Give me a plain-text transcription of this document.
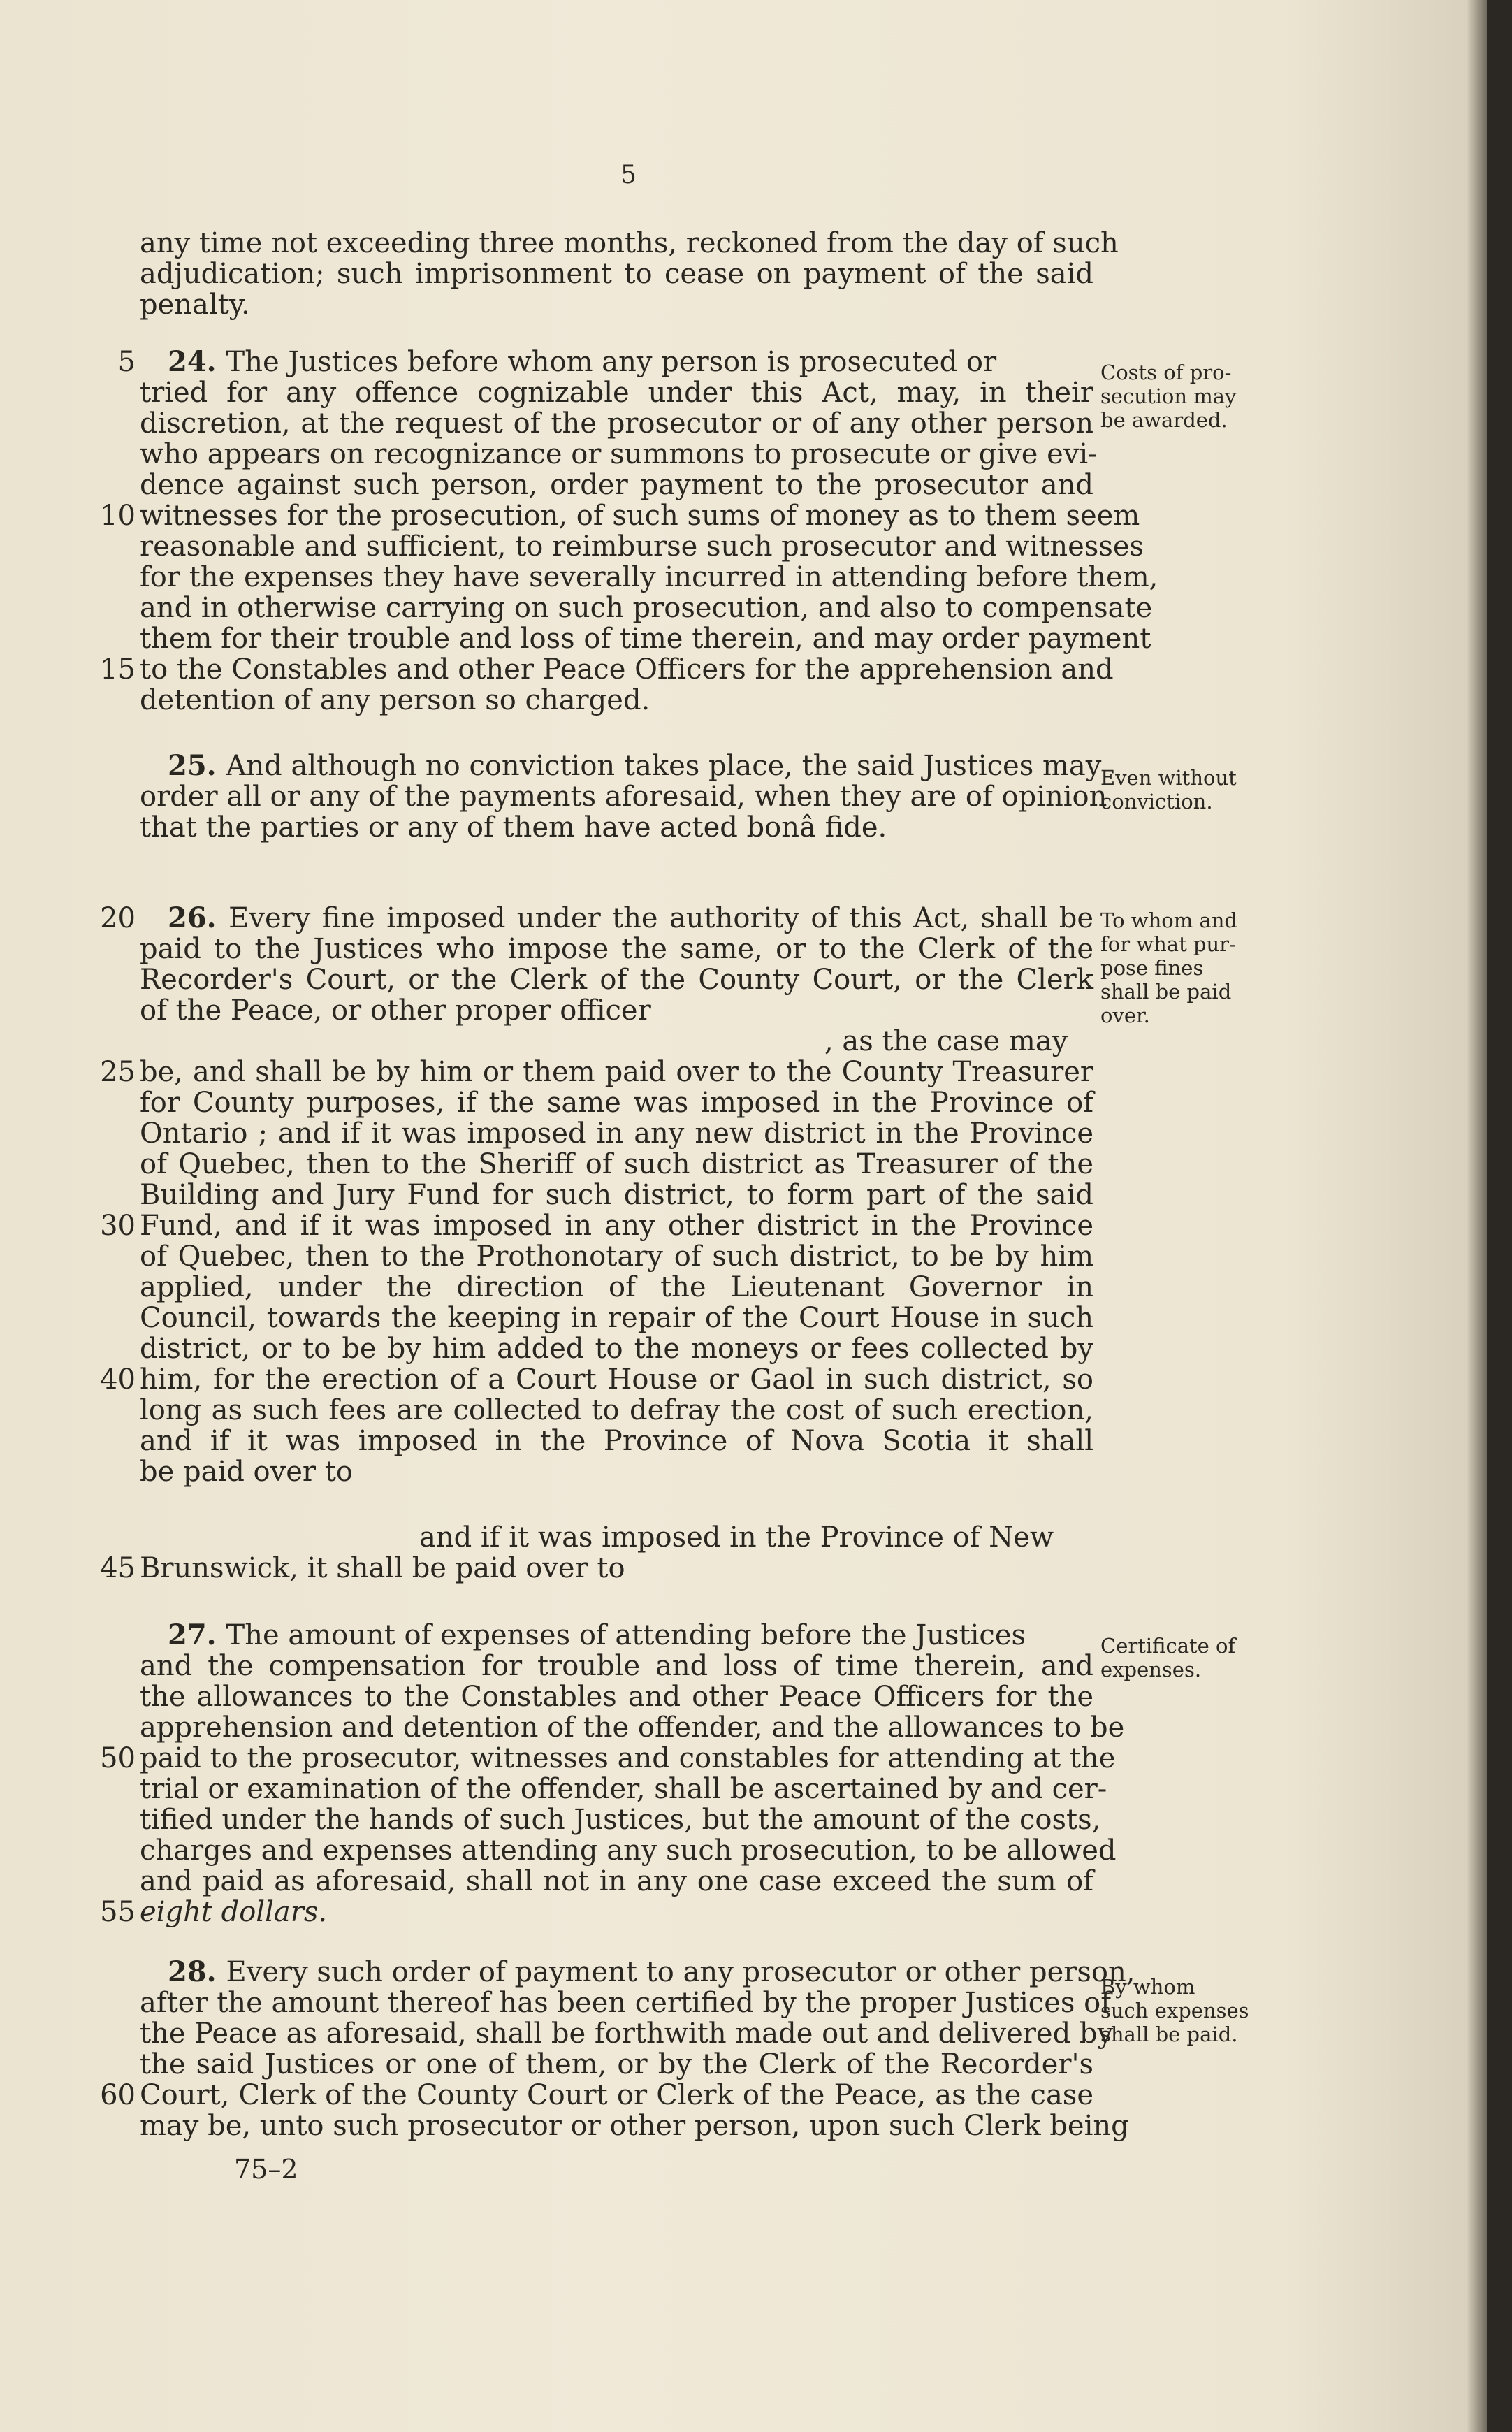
5
any time not exceeding three months, reckoned from the day of such
adjudication; such imprisonment to cease on payment of the said
penalty.
5 24. The Justices before whom any person is prosecuted or
tried for any offence cognizable under this Act, may, in their
discretion, at the request of the prosecutor or of any other person
who appears on recognizance or summons to prosecute or give evi-
dence against such person, order payment to the prosecutor and
10 witnesses for the prosecution, of such sums of money as to them seem
reasonable and sufficient, to reimburse such prosecutor and witnesses
for the expenses they have severally incurred in attending before them,
and in otherwise carrying on such prosecution, and also to compensate
them for their trouble and loss of time therein, and may order payment
15 to the Constables and other Peace Officers for the apprehension and
detention of any person so charged.
25. And although no conviction takes place, the said Justices may
order all or any of the payments aforesaid, when they are of opinion
that the parties or any of them have acted bonâ fide.
20 26. Every fine imposed under the authority of this Act, shall be
paid to the Justices who impose the same, or to the Clerk of the
Recorder's Court, or the Clerk of the County Court, or the Clerk
of the Peace, or other proper officer
, as the case may
25 be, and shall be by him or them paid over to the County Treasurer
for County purposes, if the same was imposed in the Province of
Ontario ; and if it was imposed in any new district in the Province
of Quebec, then to the Sheriff of such district as Treasurer of the
Building and Jury Fund for such district, to form part of the said
30 Fund, and if it was imposed in any other district in the Province
of Quebec, then to the Prothonotary of such district, to be by him
applied, under the direction of the Lieutenant Governor in
Council, towards the keeping in repair of the Court House in such
district, or to be by him added to the moneys or fees collected by
40 him, for the erection of a Court House or Gaol in such district, so
long as such fees are collected to defray the cost of such erection,
and if it was imposed in the Province of Nova Scotia it shall
be paid over to
and if it was imposed in the Province of New
45 Brunswick, it shall be paid over to
27. The amount of expenses of attending before the Justices
and the compensation for trouble and loss of time therein, and
the allowances to the Constables and other Peace Officers for the
apprehension and detention of the offender, and the allowances to be
50 paid to the prosecutor, witnesses and constables for attending at the
trial or examination of the offender, shall be ascertained by and cer-
tified under the hands of such Justices, but the amount of the costs,
charges and expenses attending any such prosecution, to be allowed
and paid as aforesaid, shall not in any one case exceed the sum of
55 eight dollars.
28. Every such order of payment to any prosecutor or other person,
after the amount thereof has been certified by the proper Justices of
the Peace as aforesaid, shall be forthwith made out and delivered by
the said Justices or one of them, or by the Clerk of the Recorder's
60 Court, Clerk of the County Court or Clerk of the Peace, as the case
may be, unto such prosecutor or other person, upon such Clerk being
Costs of pro-
secution may
be awarded.
Even without
conviction.
To whom and
for what pur-
pose fines
shall be paid
over.
Certificate of
expenses.
By whom
such expenses
shall be paid.
75–2
